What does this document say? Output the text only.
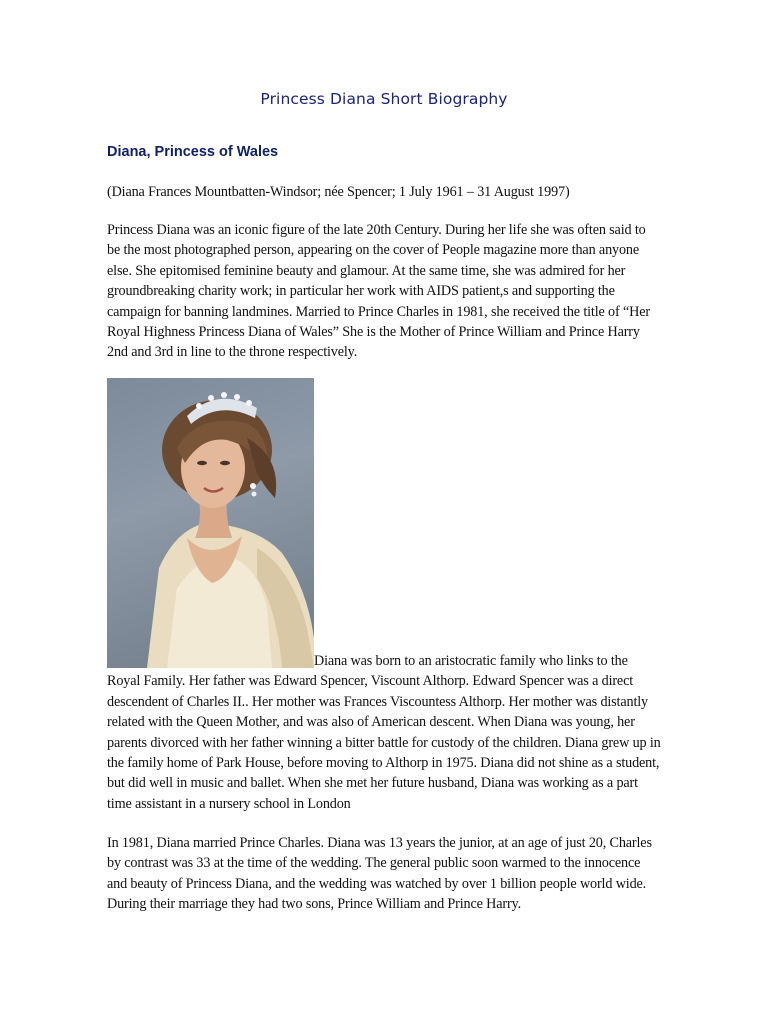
Princess Diana Short Biography
Diana, Princess of Wales

(Diana Frances Mountbatten-Windsor; née Spencer; 1 July 1961 – 31 August 1997)

Princess Diana was an iconic figure of the late 20th Century. During her life she was often said to be the most photographed person, appearing on the cover of People magazine more than anyone else. She epitomised feminine beauty and glamour. At the same time, she was admired for her groundbreaking charity work; in particular her work with AIDS patient,s and supporting the campaign for banning landmines. Married to Prince Charles in 1981, she received the title of “Her Royal Highness Princess Diana of Wales” She is the Mother of Prince William and Prince Harry 2nd and 3rd in line to the throne respectively.

Diana was born to an aristocratic family who links to the Royal Family. Her father was Edward Spencer, Viscount Althorp. Edward Spencer was a direct descendent of Charles II.. Her mother was Frances Viscountess Althorp. Her mother was distantly related with the Queen Mother, and was also of American descent. When Diana was young, her parents divorced with her father winning a bitter battle for custody of the children. Diana grew up in the family home of Park House, before moving to Althorp in 1975. Diana did not shine as a student, but did well in music and ballet. When she met her future husband, Diana was working as a part time assistant in a nursery school in London

In 1981, Diana married Prince Charles. Diana was 13 years the junior, at an age of just 20, Charles by contrast was 33 at the time of the wedding. The general public soon warmed to the innocence and beauty of Princess Diana, and the wedding was watched by over 1 billion people world wide. During their marriage they had two sons, Prince William and Prince Harry.
